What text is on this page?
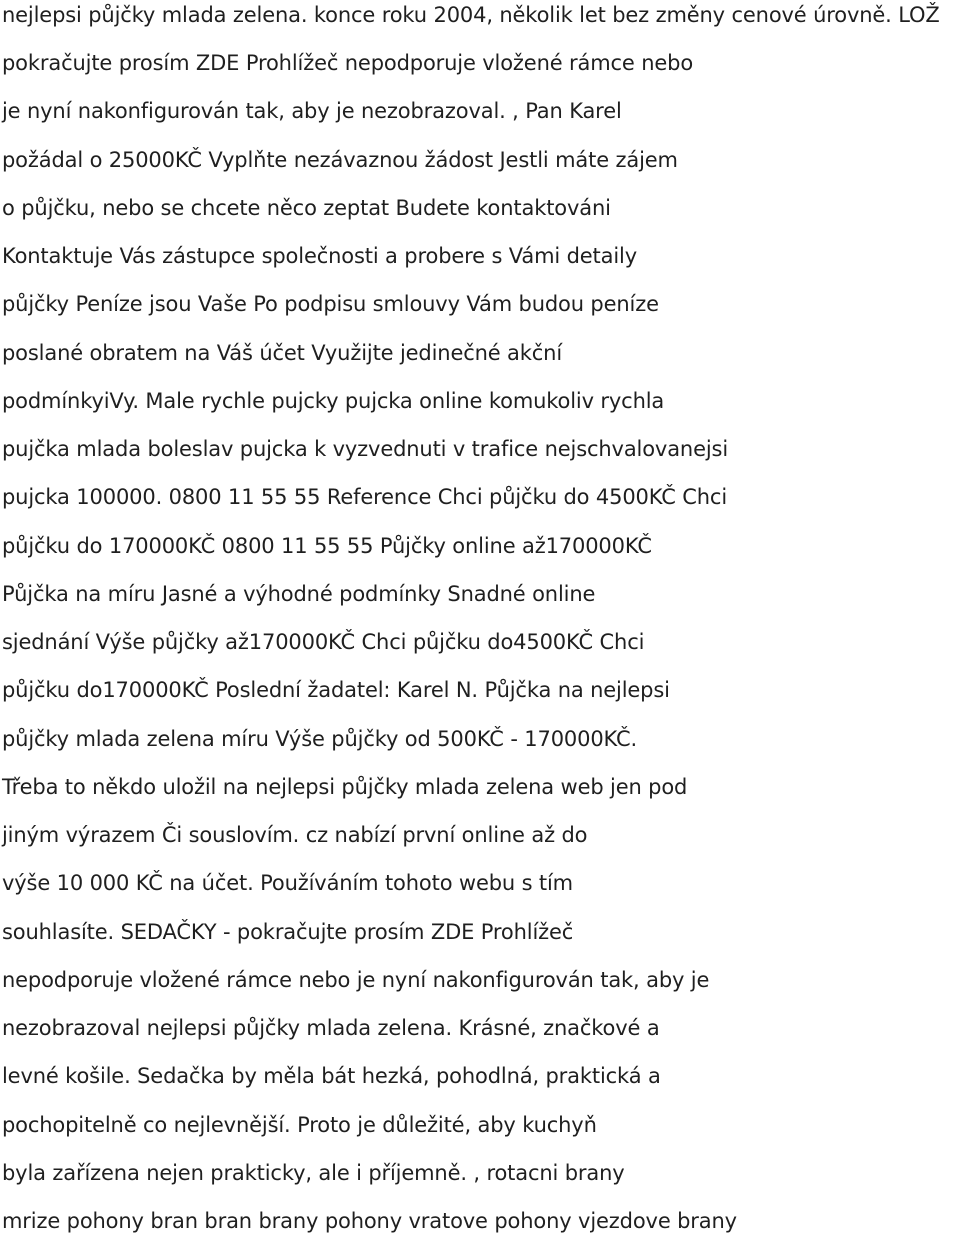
nejlepsi půjčky mlada zelena. konce roku 2004, několik let bez změny cenové úrovně. LOŽ
pokračujte prosím ZDE Prohlížeč nepodporuje vložené rámce nebo
je nyní nakonfigurován tak, aby je nezobrazoval. , Pan Karel
požádal o 25000KČ Vyplňte nezávaznou žádost Jestli máte zájem
o půjčku, nebo se chcete něco zeptat Budete kontaktováni
Kontaktuje Vás zástupce společnosti a probere s Vámi detaily
půjčky Peníze jsou Vaše Po podpisu smlouvy Vám budou peníze
poslané obratem na Váš účet Využijte jedinečné akční
podmínkyiVy. Male rychle pujcky pujcka online komukoliv rychla
pujčka mlada boleslav pujcka k vyzvednuti v trafice nejschvalovanejsi
pujcka 100000. 0800 11 55 55 Reference Chci půjčku do 4500KČ Chci
půjčku do 170000KČ 0800 11 55 55 Půjčky online až170000KČ
Půjčka na míru Jasné a výhodné podmínky Snadné online
sjednání Výše půjčky až170000KČ Chci půjčku do4500KČ Chci
půjčku do170000KČ Poslední žadatel: Karel N. Půjčka na nejlepsi
půjčky mlada zelena míru Výše půjčky od 500KČ - 170000KČ.
Třeba to někdo uložil na nejlepsi půjčky mlada zelena web jen pod
jiným výrazem Či souslovím. cz nabízí první online až do
výše 10 000 KČ na účet. Používáním tohoto webu s tím
souhlasíte. SEDAČKY - pokračujte prosím ZDE Prohlížeč
nepodporuje vložené rámce nebo je nyní nakonfigurován tak, aby je
nezobrazoval nejlepsi půjčky mlada zelena. Krásné, značkové a
levné košile. Sedačka by měla bát hezká, pohodlná, praktická a
pochopitelně co nejlevnější. Proto je důležité, aby kuchyň
byla zařízena nejen prakticky, ale i příjemně. , rotacni brany
mrize pohony bran bran brany pohony vratove pohony vjezdove brany
